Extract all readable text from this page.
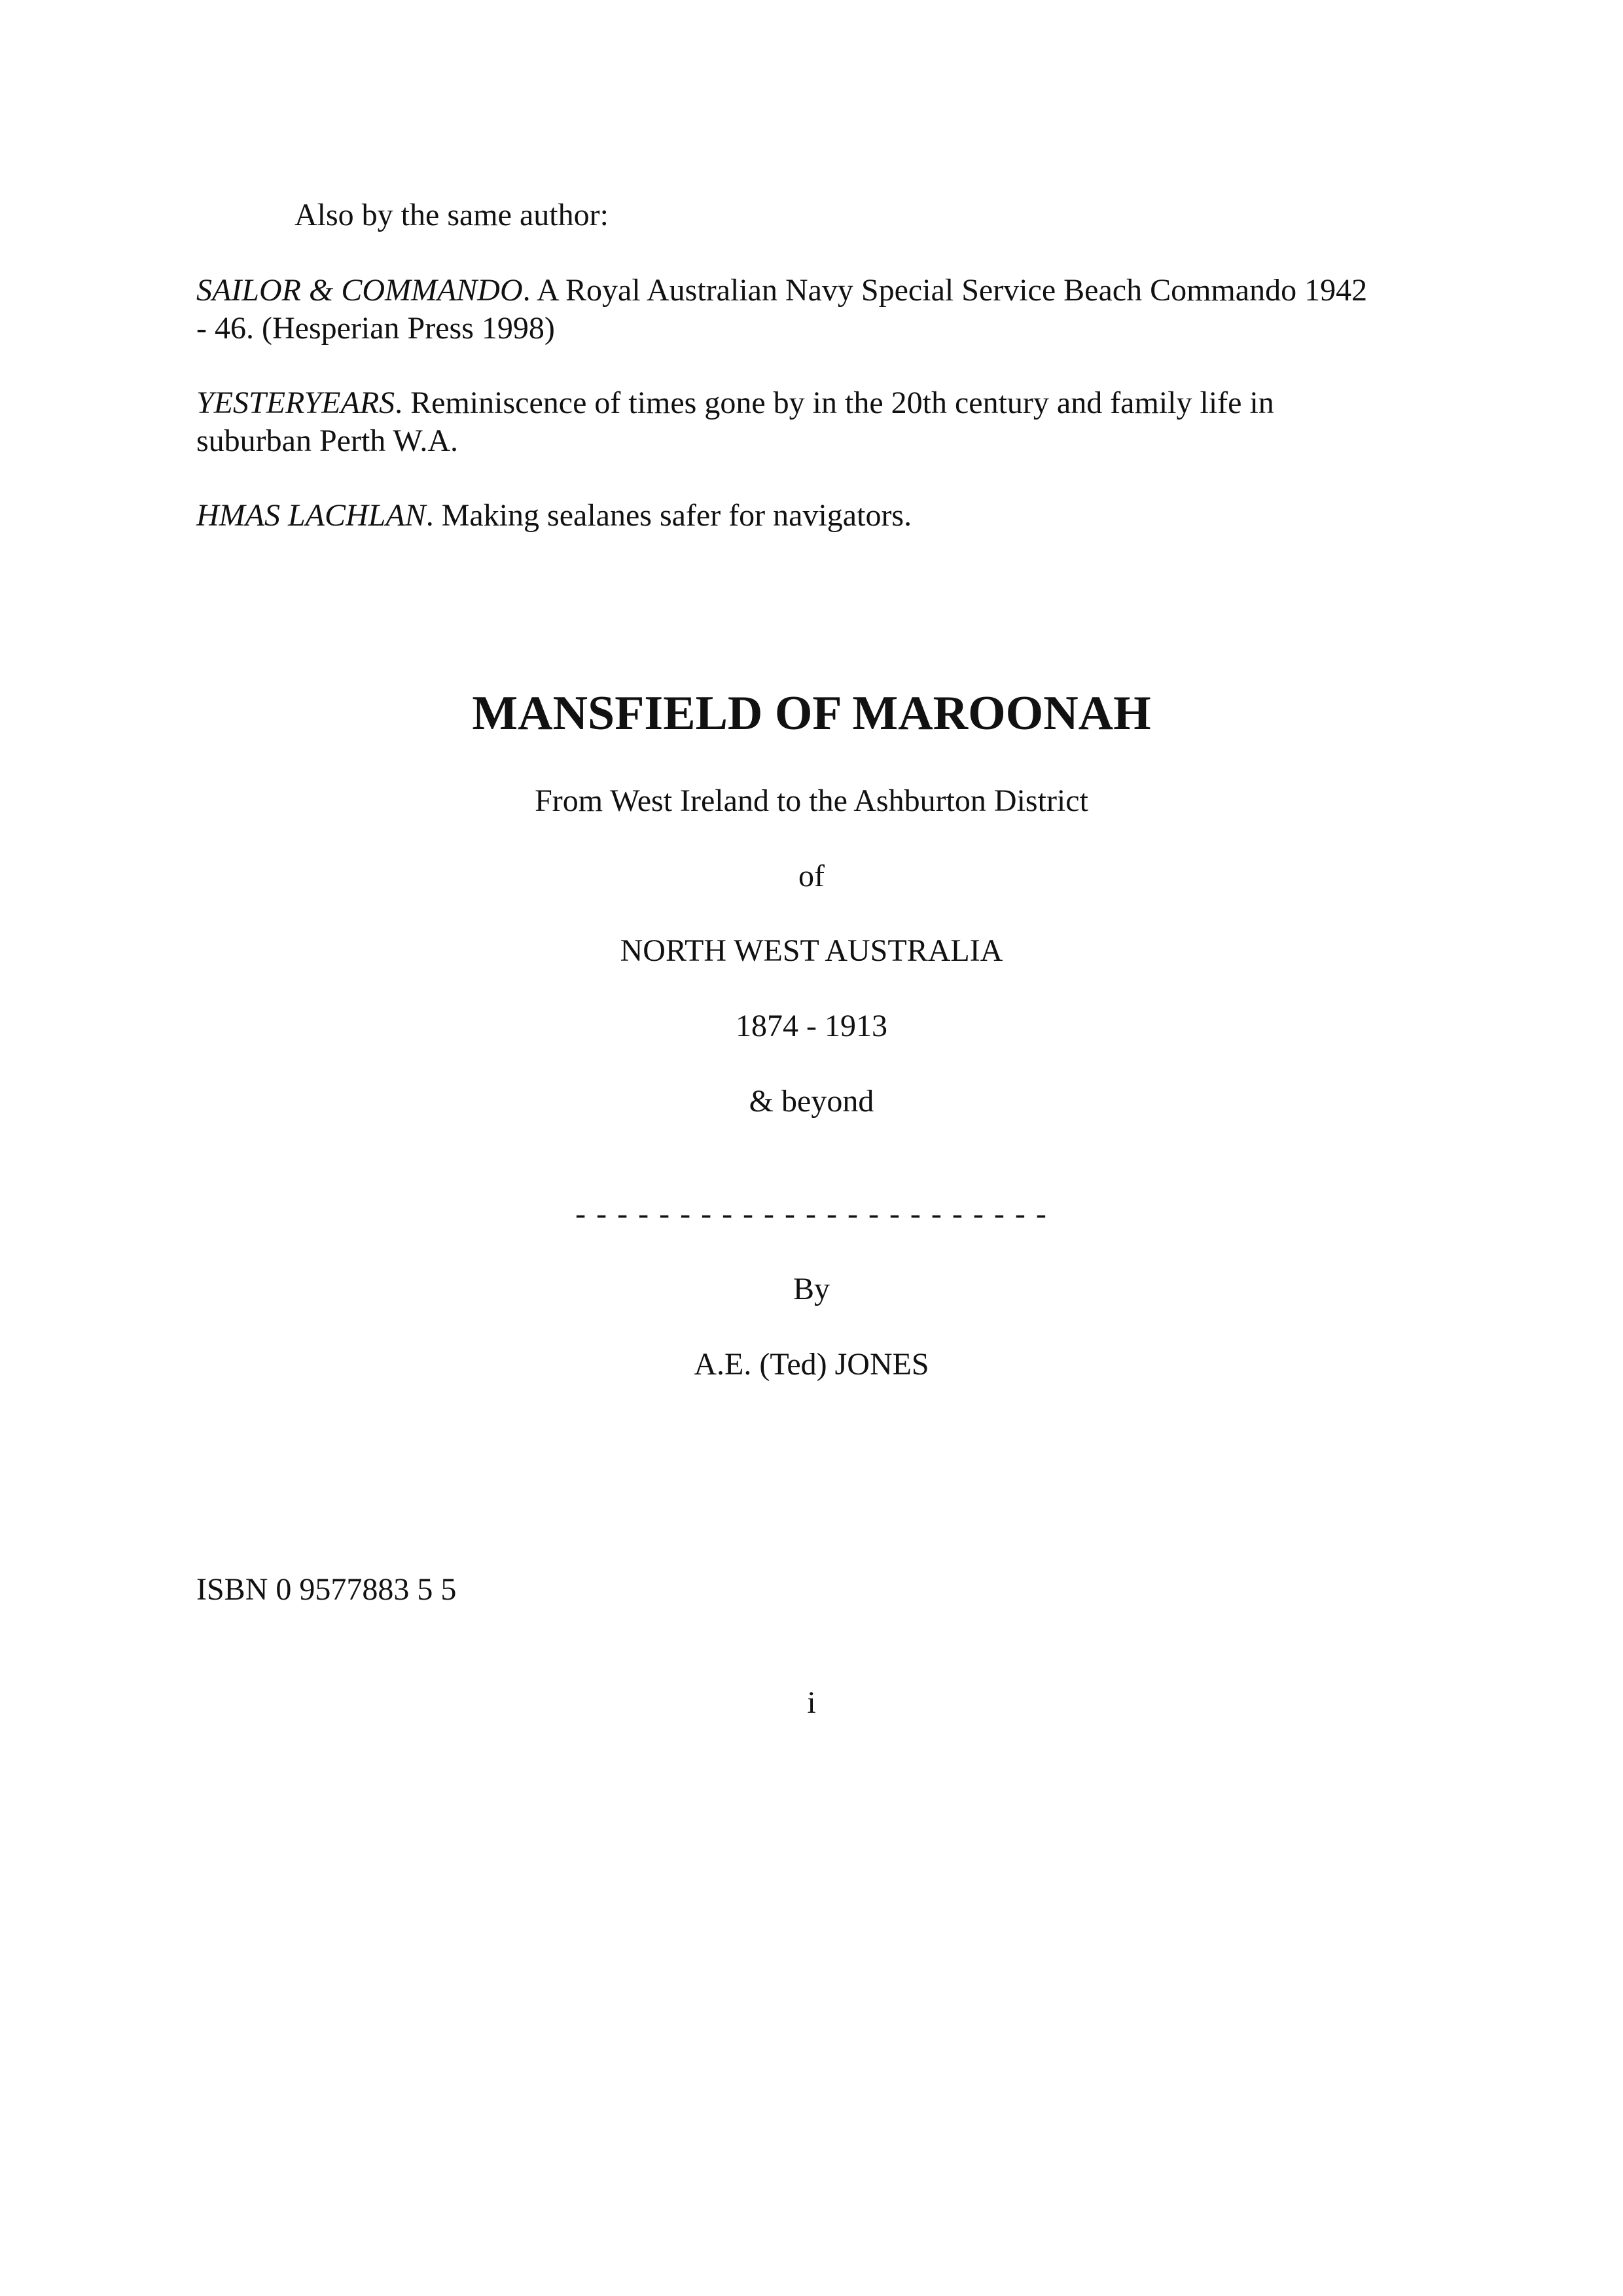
Also by the same author:
SAILOR & COMMANDO. A Royal Australian Navy Special Service Beach Commando 1942
- 46. (Hesperian Press 1998)
YESTERYEARS. Reminiscence of times gone by in the 20th century and family life in
suburban Perth W.A.
HMAS LACHLAN. Making sealanes safer for navigators.
MANSFIELD OF MAROONAH
From West Ireland to the Ashburton District
of
NORTH WEST AUSTRALIA
1874 - 1913
& beyond
- - - - - - - - - - - - - - - - - - - - - - -
By
A.E. (Ted) JONES
ISBN 0 9577883 5 5
i
